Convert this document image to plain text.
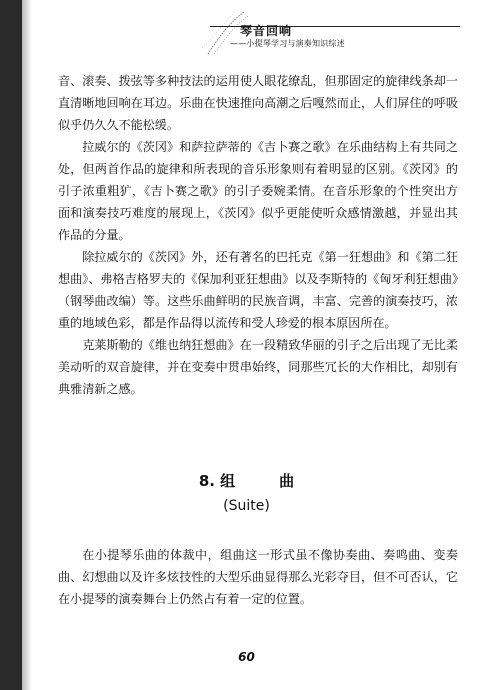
琴音回响
——小提琴学习与演奏知识综述

音、滚奏、拨弦等多种技法的运用使人眼花缭乱，但那固定的旋律线条却一直清晰地回响在耳边。乐曲在快速推向高潮之后嘎然而止，人们屏住的呼吸似乎仍久久不能松缓。

拉威尔的《茨冈》和萨拉萨蒂的《吉卜赛之歌》在乐曲结构上有共同之处，但两首作品的旋律和所表现的音乐形象则有着明显的区别。《茨冈》的引子浓重粗犷，《吉卜赛之歌》的引子委婉柔情。在音乐形象的个性突出方面和演奏技巧难度的展现上，《茨冈》似乎更能使听众感情激越，并显出其作品的分量。

除拉威尔的《茨冈》外，还有著名的巴托克《第一狂想曲》和《第二狂想曲》、弗格吉格罗夫的《保加利亚狂想曲》以及李斯特的《匈牙利狂想曲》（钢琴曲改编）等。这些乐曲鲜明的民族音调，丰富、完善的演奏技巧，浓重的地域色彩，都是作品得以流传和受人珍爱的根本原因所在。

克莱斯勒的《维也纳狂想曲》在一段精致华丽的引子之后出现了无比柔美动听的双音旋律，并在变奏中贯串始终，同那些冗长的大作相比，却别有典雅清新之感。

8. 组	曲
(Suite)

在小提琴乐曲的体裁中，组曲这一形式虽不像协奏曲、奏鸣曲、变奏曲、幻想曲以及许多炫技性的大型乐曲显得那么光彩夺目，但不可否认，它在小提琴的演奏舞台上仍然占有着一定的位置。

60
